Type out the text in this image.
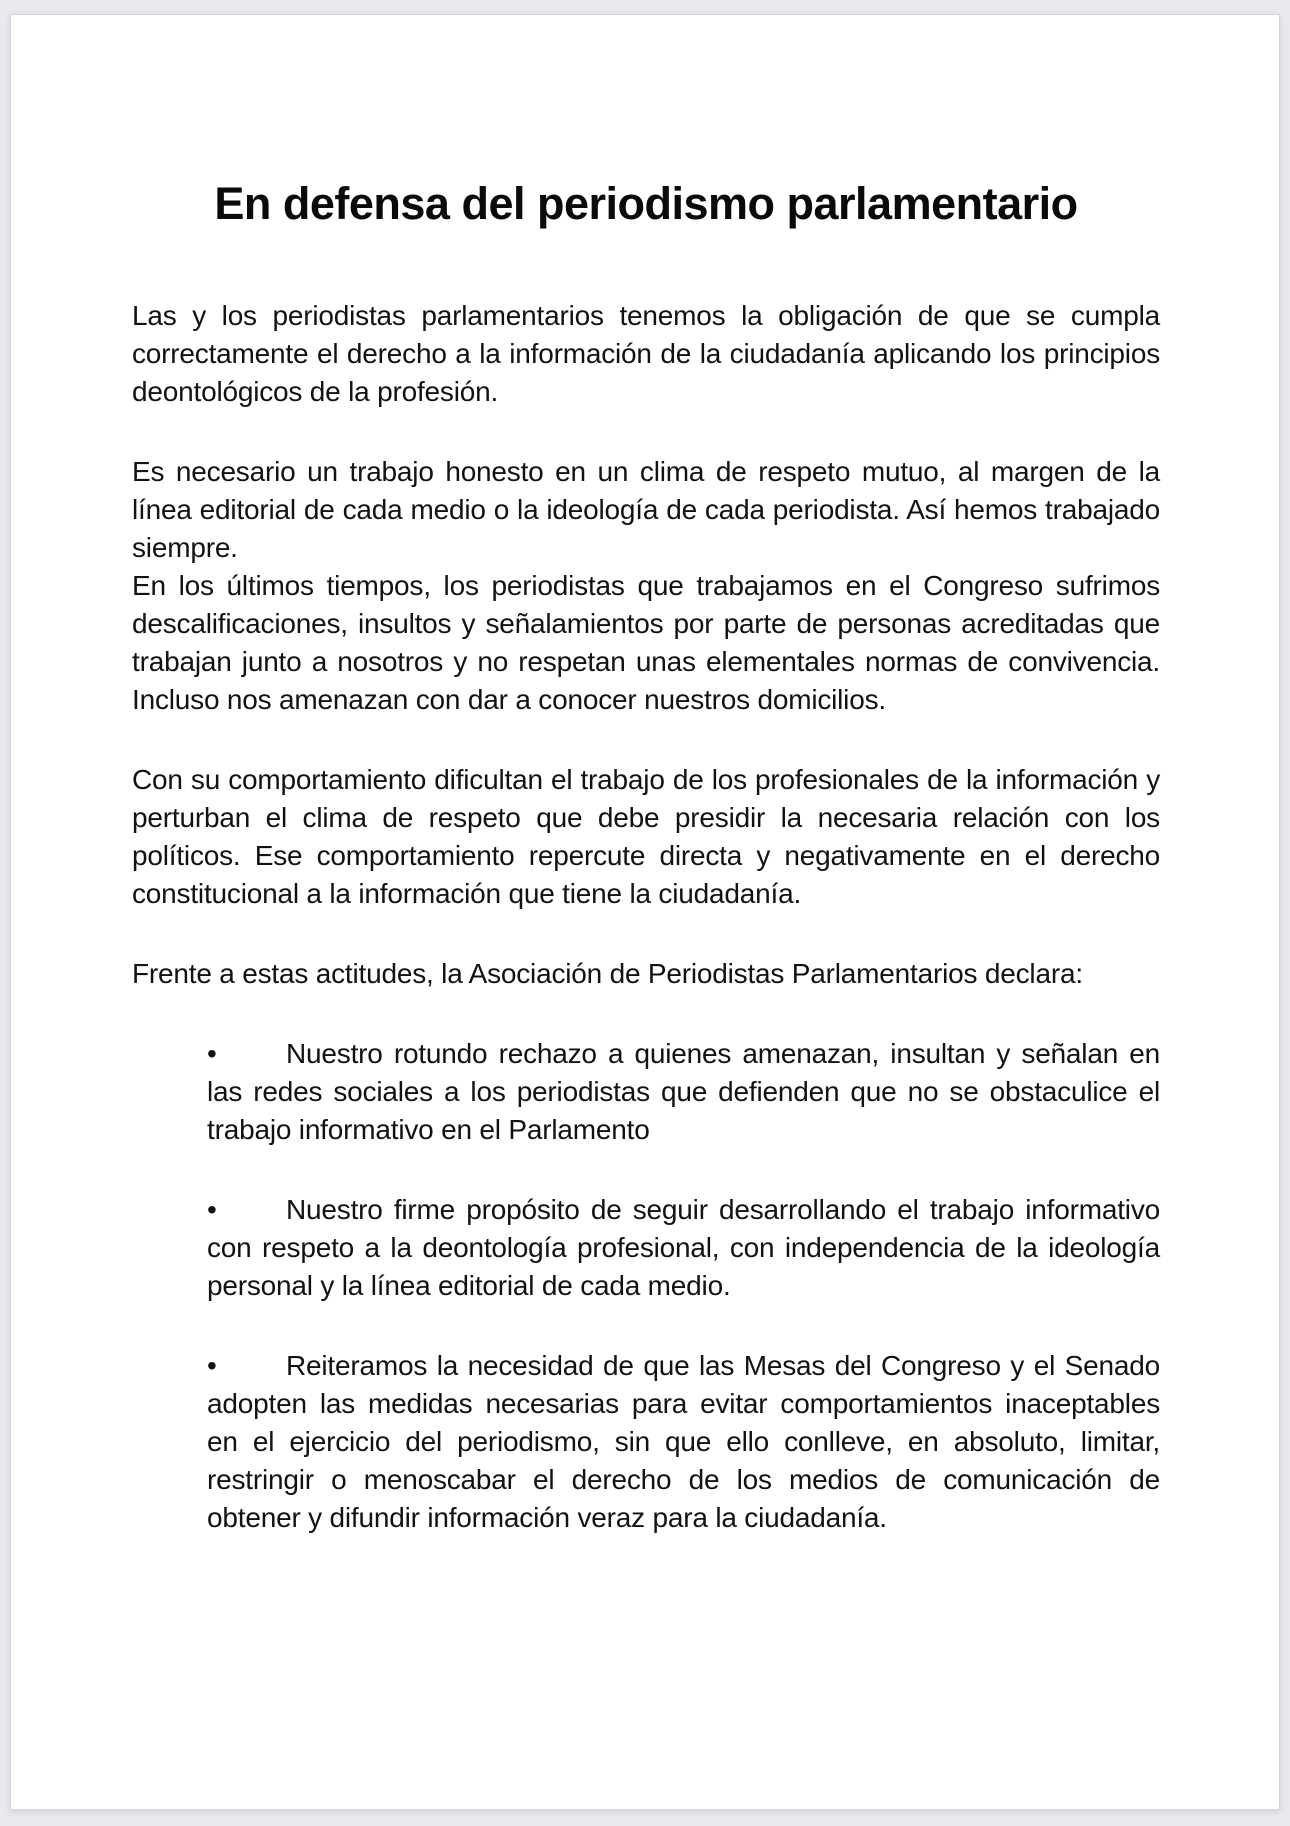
En defensa del periodismo parlamentario

Las y los periodistas parlamentarios tenemos la obligación de que se cumpla correctamente el derecho a la información de la ciudadanía aplicando los principios deontológicos de la profesión.

Es necesario un trabajo honesto en un clima de respeto mutuo, al margen de la línea editorial de cada medio o la ideología de cada periodista. Así hemos trabajado siempre.

En los últimos tiempos, los periodistas que trabajamos en el Congreso sufrimos descalificaciones, insultos y señalamientos por parte de personas acreditadas que trabajan junto a nosotros y no respetan unas elementales normas de convivencia. Incluso nos amenazan con dar a conocer nuestros domicilios.

Con su comportamiento dificultan el trabajo de los profesionales de la información y perturban el clima de respeto que debe presidir la necesaria relación con los políticos. Ese comportamiento repercute directa y negativamente en el derecho constitucional a la información que tiene la ciudadanía.

Frente a estas actitudes, la Asociación de Periodistas Parlamentarios declara:

• Nuestro rotundo rechazo a quienes amenazan, insultan y señalan en las redes sociales a los periodistas que defienden que no se obstaculice el trabajo informativo en el Parlamento
• Nuestro firme propósito de seguir desarrollando el trabajo informativo con respeto a la deontología profesional, con independencia de la ideología personal y la línea editorial de cada medio.
• Reiteramos la necesidad de que las Mesas del Congreso y el Senado adopten las medidas necesarias para evitar comportamientos inaceptables en el ejercicio del periodismo, sin que ello conlleve, en absoluto, limitar, restringir o menoscabar el derecho de los medios de comunicación de obtener y difundir información veraz para la ciudadanía.
